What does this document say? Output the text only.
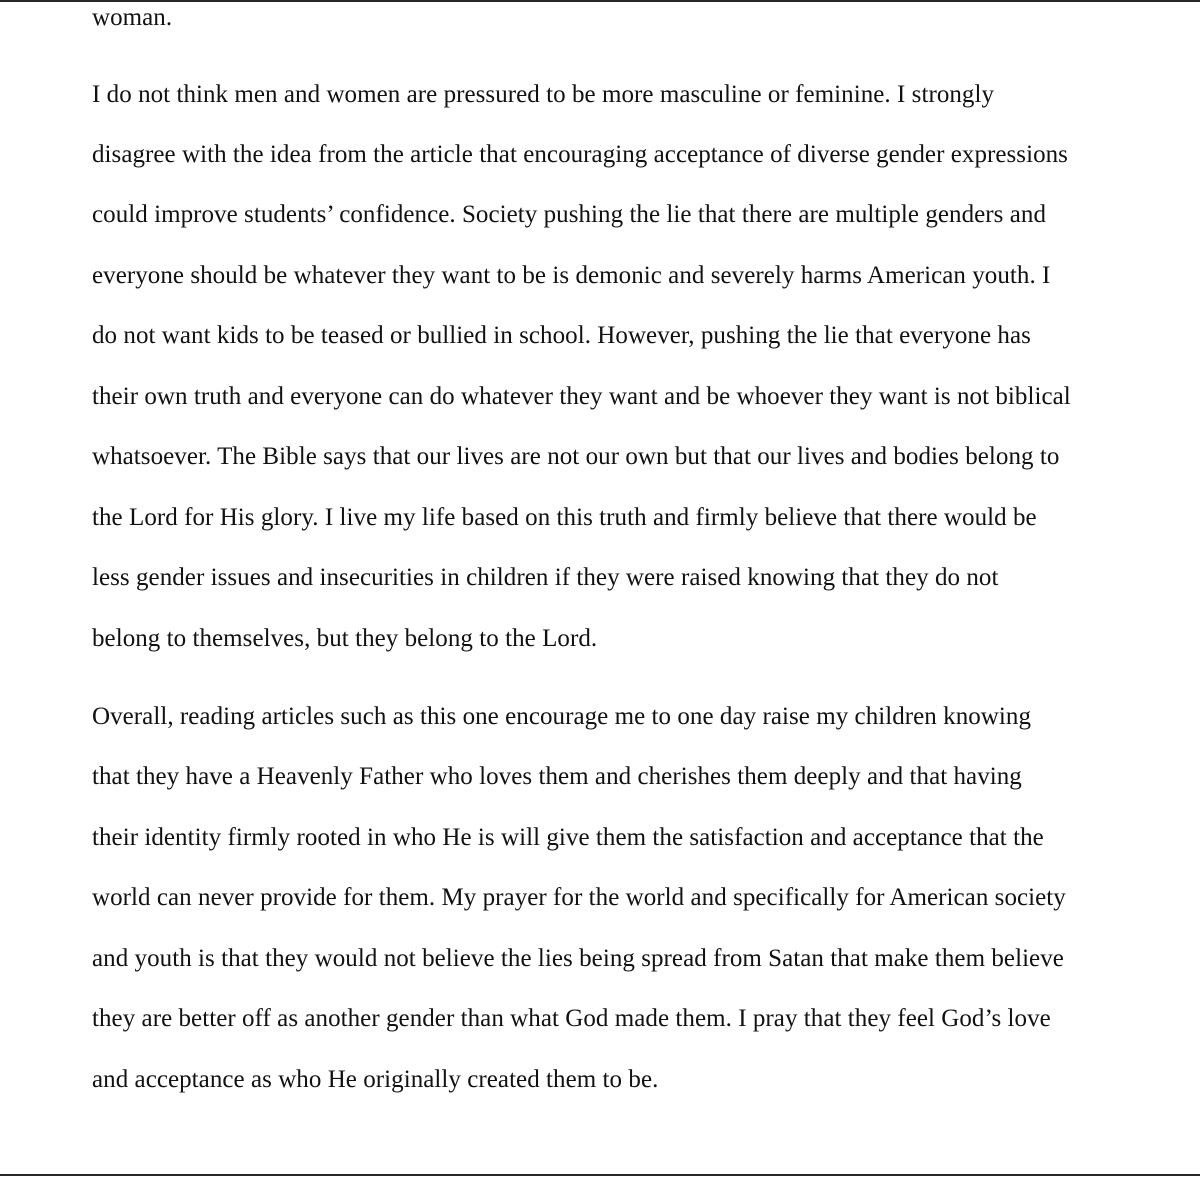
woman.
I do not think men and women are pressured to be more masculine or feminine. I strongly
disagree with the idea from the article that encouraging acceptance of diverse gender expressions
could improve students’ confidence. Society pushing the lie that there are multiple genders and
everyone should be whatever they want to be is demonic and severely harms American youth. I
do not want kids to be teased or bullied in school. However, pushing the lie that everyone has
their own truth and everyone can do whatever they want and be whoever they want is not biblical
whatsoever. The Bible says that our lives are not our own but that our lives and bodies belong to
the Lord for His glory. I live my life based on this truth and firmly believe that there would be
less gender issues and insecurities in children if they were raised knowing that they do not
belong to themselves, but they belong to the Lord.
Overall, reading articles such as this one encourage me to one day raise my children knowing
that they have a Heavenly Father who loves them and cherishes them deeply and that having
their identity firmly rooted in who He is will give them the satisfaction and acceptance that the
world can never provide for them. My prayer for the world and specifically for American society
and youth is that they would not believe the lies being spread from Satan that make them believe
they are better off as another gender than what God made them. I pray that they feel God’s love
and acceptance as who He originally created them to be.
